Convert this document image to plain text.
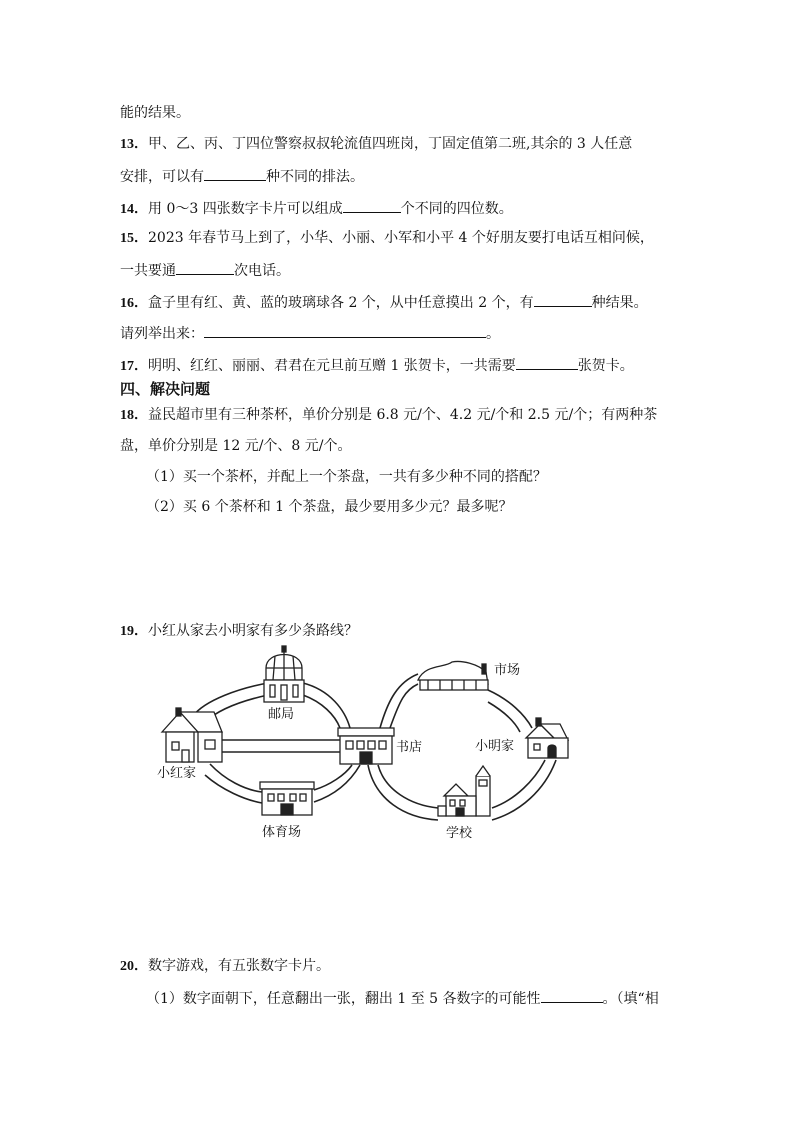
能的结果。
13．甲、乙、丙、丁四位警察叔叔轮流值四班岗，丁固定值第二班,其余的 3 人任意
安排，可以有	种不同的排法。
14．用 0～3 四张数字卡片可以组成	个不同的四位数。
15．2023 年春节马上到了，小华、小丽、小军和小平 4 个好朋友要打电话互相问候，
一共要通	次电话。
16．盒子里有红、黄、蓝的玻璃球各 2 个，从中任意摸出 2 个，有	种结果。
请列举出来：	。
17．明明、红红、丽丽、君君在元旦前互赠 1 张贺卡，一共需要	张贺卡。
四、解决问题
18．益民超市里有三种茶杯，单价分别是 6.8 元/个、4.2 元/个和 2.5 元/个；有两种茶
盘，单价分别是 12 元/个、8 元/个。
（1）买一个茶杯，并配上一个茶盘，一共有多少种不同的搭配？
（2）买 6 个茶杯和 1 个茶盘，最少要用多少元？最多呢？
19．小红从家去小明家有多少条路线？
小红家
邮局
书店
体育场
市场
小明家
学校
20．数字游戏，有五张数字卡片。
（1）数字面朝下，任意翻出一张，翻出 1 至 5 各数字的可能性	。（填“相
